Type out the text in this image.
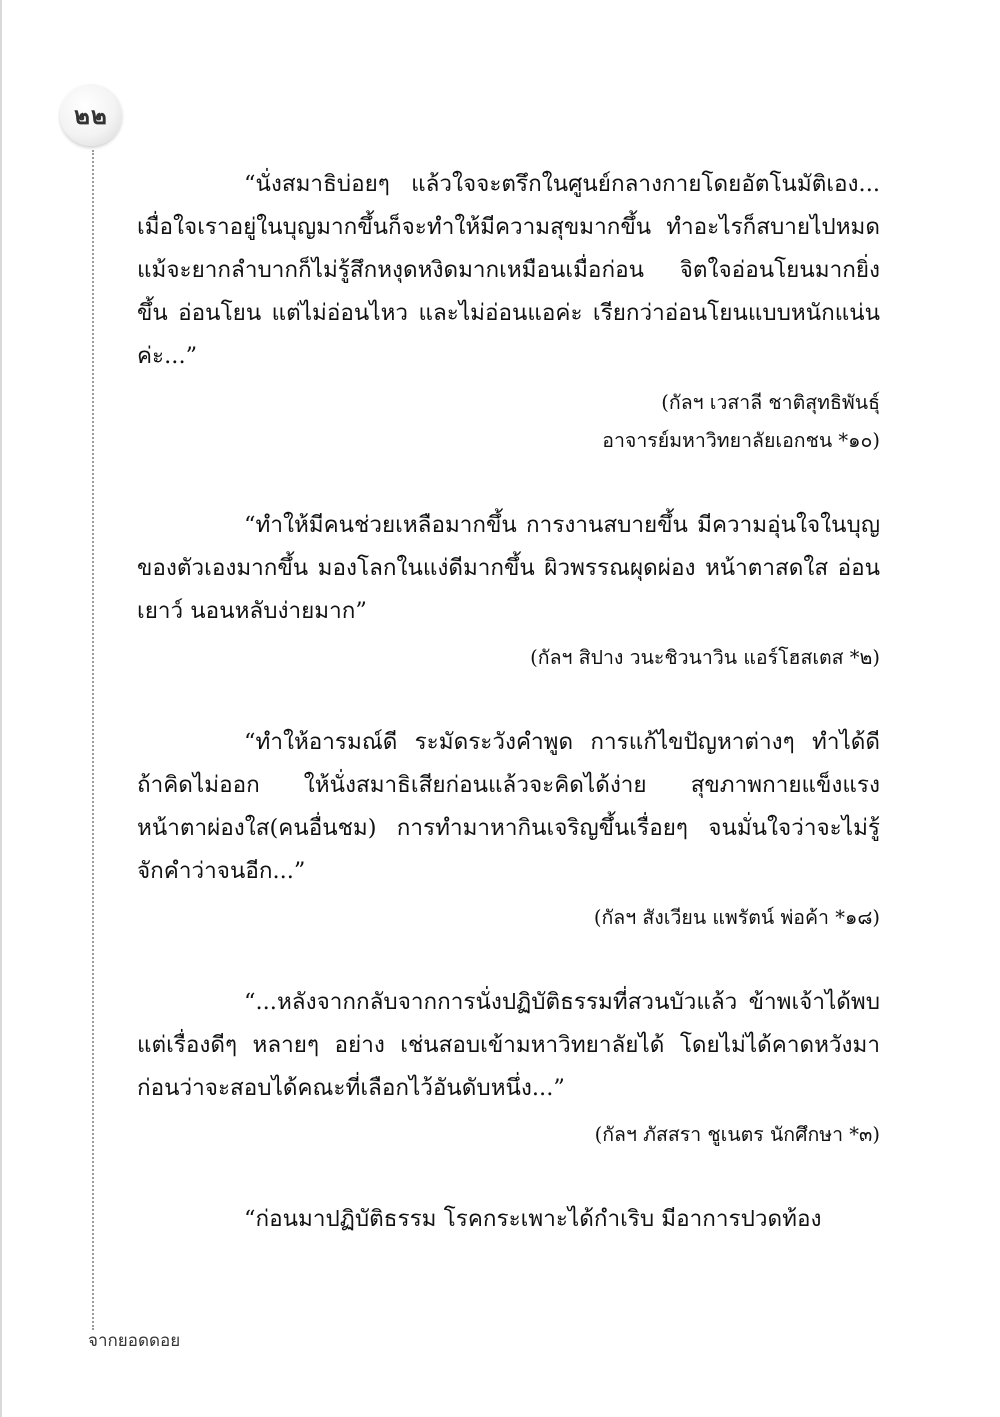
๒๒

“นั่งสมาธิบ่อยๆ แล้วใจจะตรึกในศูนย์กลางกายโดยอัตโนมัติเอง... เมื่อใจเราอยู่ในบุญมากขึ้นก็จะทำให้มีความสุขมากขึ้น ทำอะไรก็สบายไปหมด แม้จะยากลำบากก็ไม่รู้สึกหงุดหงิดมากเหมือนเมื่อก่อน จิตใจอ่อนโยนมากยิ่งขึ้น อ่อนโยน แต่ไม่อ่อนไหว และไม่อ่อนแอค่ะ เรียกว่าอ่อนโยนแบบหนักแน่นค่ะ...”

(กัลฯ เวสาลี ชาติสุทธิพันธุ์

อาจารย์มหาวิทยาลัยเอกชน *๑๐)

“ทำให้มีคนช่วยเหลือมากขึ้น การงานสบายขึ้น มีความอุ่นใจในบุญของตัวเองมากขึ้น มองโลกในแง่ดีมากขึ้น ผิวพรรณผุดผ่อง หน้าตาสดใส อ่อนเยาว์ นอนหลับง่ายมาก”

(กัลฯ สิปาง วนะชิวนาวิน แอร์โฮสเตส *๒)

“ทำให้อารมณ์ดี ระมัดระวังคำพูด การแก้ไขปัญหาต่างๆ ทำได้ดี ถ้าคิดไม่ออก ให้นั่งสมาธิเสียก่อนแล้วจะคิดได้ง่าย สุขภาพกายแข็งแรง หน้าตาผ่องใส(คนอื่นชม) การทำมาหากินเจริญขึ้นเรื่อยๆ จนมั่นใจว่าจะไม่รู้จักคำว่าจนอีก...”

(กัลฯ สังเวียน แพรัตน์ พ่อค้า *๑๘)

“...หลังจากกลับจากการนั่งปฏิบัติธรรมที่สวนบัวแล้ว ข้าพเจ้าได้พบแต่เรื่องดีๆ หลายๆ อย่าง เช่นสอบเข้ามหาวิทยาลัยได้ โดยไม่ได้คาดหวังมาก่อนว่าจะสอบได้คณะที่เลือกไว้อันดับหนึ่ง...”

(กัลฯ ภัสสรา ชูเนตร นักศึกษา *๓)

“ก่อนมาปฏิบัติธรรม โรคกระเพาะได้กำเริบ มีอาการปวดท้อง

จากยอดดอย
